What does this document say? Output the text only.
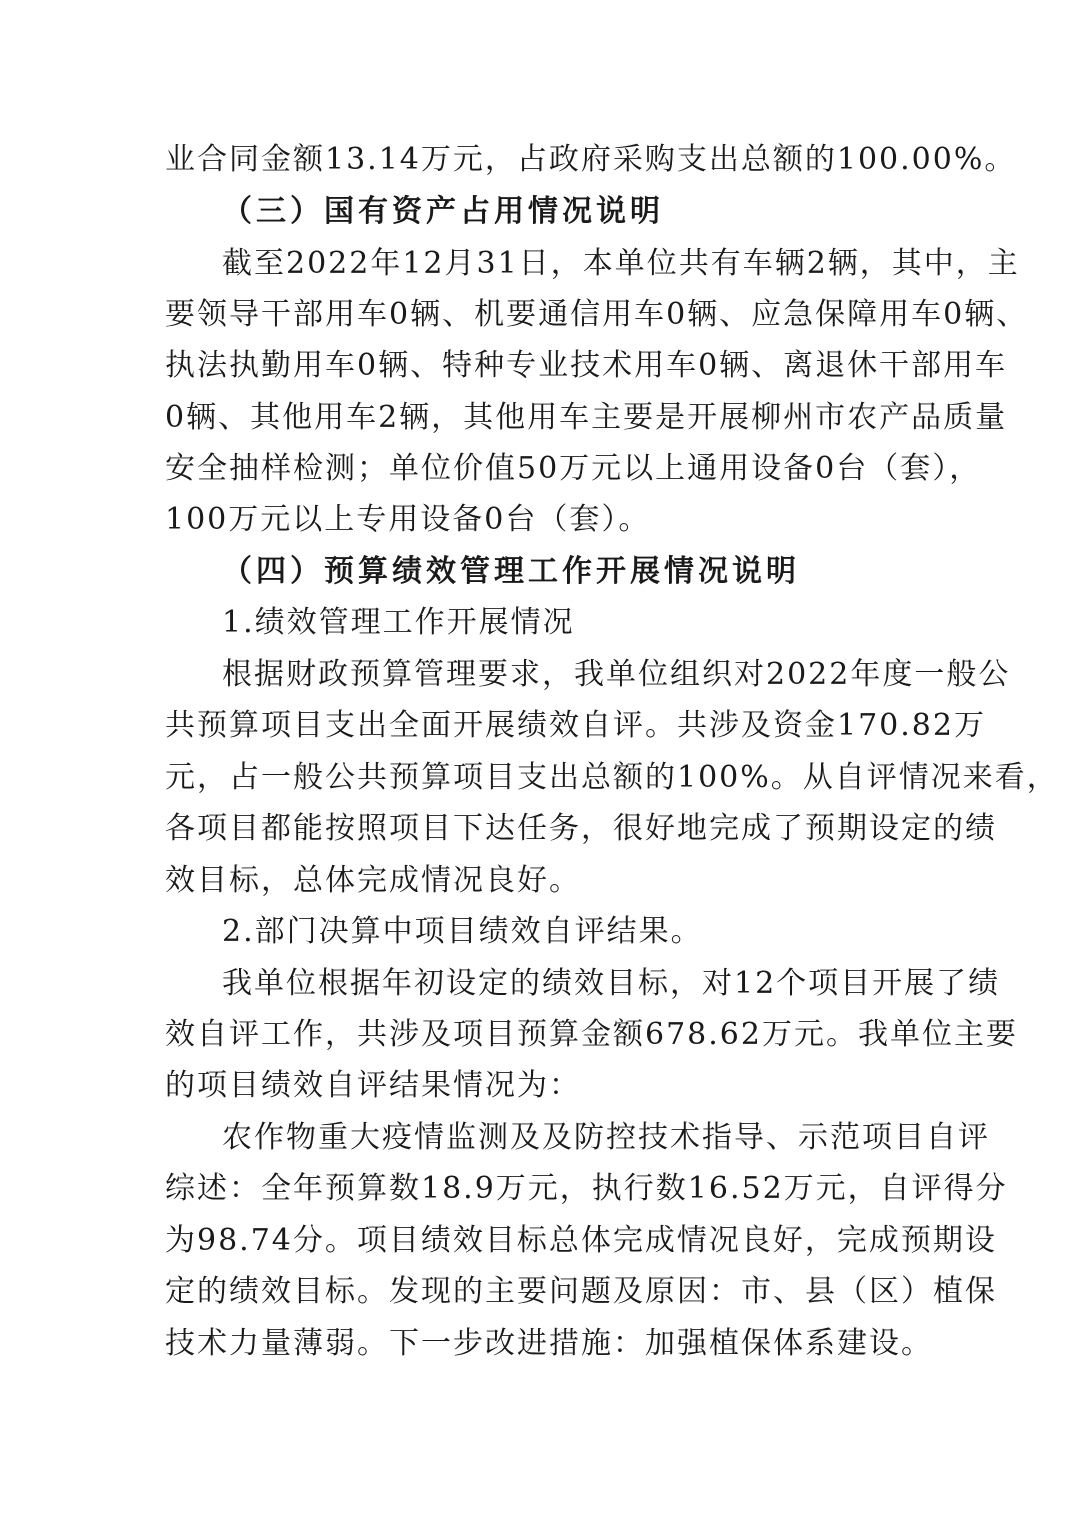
业合同金额13.14万元，占政府采购支出总额的100.00%。
（三）国有资产占用情况说明
截至2022年12月31日，本单位共有车辆2辆，其中，主
要领导干部用车0辆、机要通信用车0辆、应急保障用车0辆、
执法执勤用车0辆、特种专业技术用车0辆、离退休干部用车
0辆、其他用车2辆，其他用车主要是开展柳州市农产品质量
安全抽样检测；单位价值50万元以上通用设备0台（套），
100万元以上专用设备0台（套）。
（四）预算绩效管理工作开展情况说明
1.绩效管理工作开展情况
根据财政预算管理要求，我单位组织对2022年度一般公
共预算项目支出全面开展绩效自评。共涉及资金170.82万
元，占一般公共预算项目支出总额的100%。从自评情况来看，
各项目都能按照项目下达任务，很好地完成了预期设定的绩
效目标，总体完成情况良好。
2.部门决算中项目绩效自评结果。
我单位根据年初设定的绩效目标，对12个项目开展了绩
效自评工作，共涉及项目预算金额678.62万元。我单位主要
的项目绩效自评结果情况为：
农作物重大疫情监测及及防控技术指导、示范项目自评
综述：全年预算数18.9万元，执行数16.52万元，自评得分
为98.74分。项目绩效目标总体完成情况良好，完成预期设
定的绩效目标。发现的主要问题及原因：市、县（区）植保
技术力量薄弱。下一步改进措施：加强植保体系建设。
